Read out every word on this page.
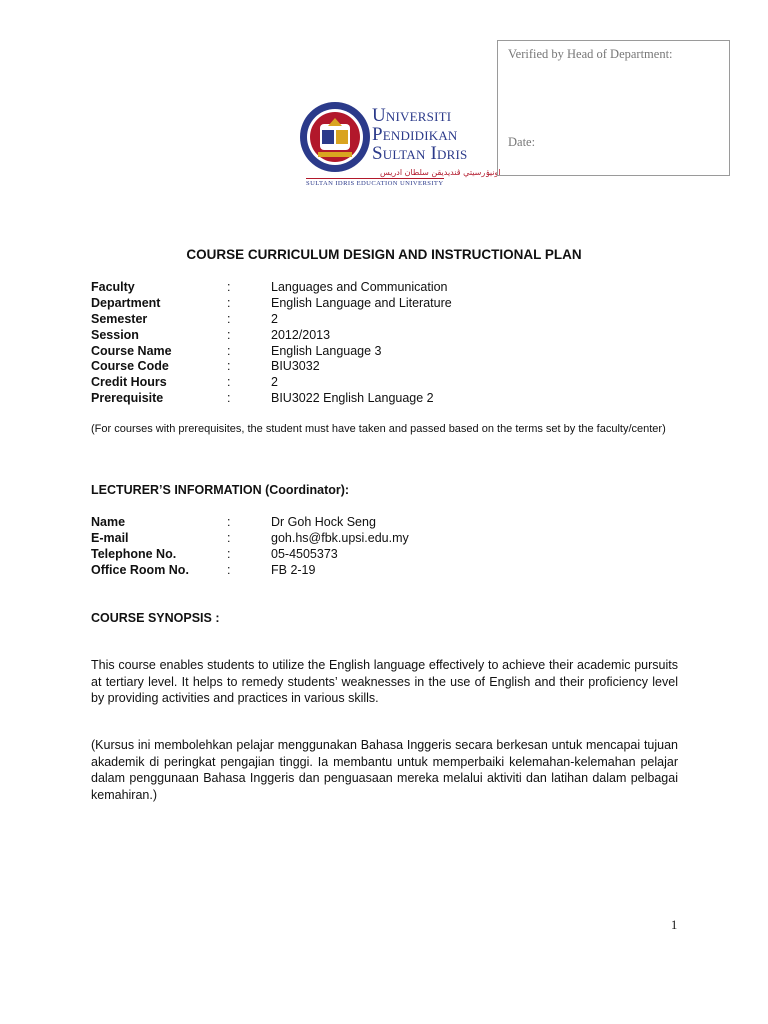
Universiti
Pendidikan
Sultan Idris
اونيۏرسيتي ڤنديديقن سلطان ادريس
SULTAN IDRIS EDUCATION UNIVERSITY
Verified by Head of Department:
Date:
COURSE CURRICULUM DESIGN AND INSTRUCTIONAL PLAN
Faculty	:	Languages and Communication
Department	:	English Language and Literature
Semester	:	2
Session	:	2012/2013
Course Name	:	English Language 3
Course Code	:	BIU3032
Credit Hours	:	2
Prerequisite	:	BIU3022 English Language 2
(For courses with prerequisites, the student must have taken and passed based on the terms set by the faculty/center)
LECTURER’S INFORMATION (Coordinator):
Name	:	Dr Goh Hock Seng
E-mail	:	goh.hs@fbk.upsi.edu.my
Telephone No.	:	05-4505373
Office Room No.	:	FB 2-19
COURSE SYNOPSIS :
This course enables students to utilize the English language effectively to achieve their academic pursuits at tertiary level. It helps to remedy students’ weaknesses in the use of English and their proficiency level by providing activities and practices in various skills.
(Kursus ini membolehkan pelajar menggunakan Bahasa Inggeris secara berkesan untuk mencapai tujuan akademik di peringkat pengajian tinggi. Ia membantu untuk memperbaiki kelemahan-kelemahan pelajar dalam penggunaan Bahasa Inggeris dan penguasaan mereka melalui aktiviti dan latihan dalam pelbagai kemahiran.)
1
